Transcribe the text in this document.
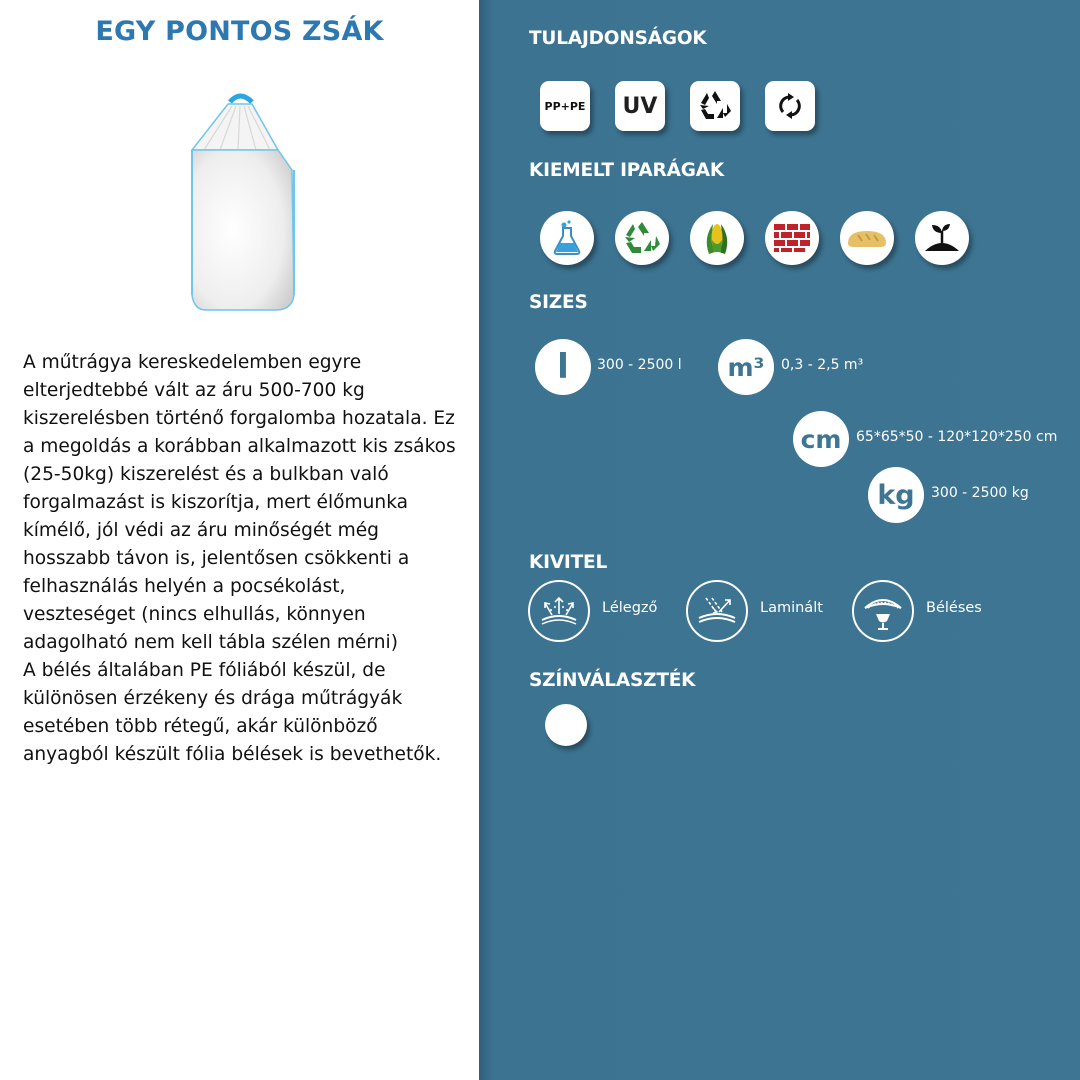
EGY PONTOS ZSÁK

A műtrágya kereskedelemben egyre elterjedtebbé vált az áru 500-700 kg kiszerelésben történő forgalomba hozatala. Ez a megoldás a korábban alkalmazott kis zsákos (25-50kg) kiszerelést és a bulkban való forgalmazást is kiszorítja, mert élőmunka kímélő, jól védi az áru minőségét még hosszabb távon is, jelentősen csökkenti a felhasználás helyén a pocsékolást, veszteséget (nincs elhullás, könnyen adagolható nem kell tábla szélen mérni)

A bélés általában PE fóliából készül, de különösen érzékeny és drága műtrágyák esetében több rétegű, akár különböző anyagból készült fólia bélések is bevethetők.

TULAJDONSÁGOK
PP+PE UV
KIEMELT IPARÁGAK
SIZES
l	300 - 2500 l	m³	0,3 - 2,5 m³
cm	65*65*50 - 120*120*250 cm
kg	300 - 2500 kg
KIVITEL
Lélegző	Laminált	Béléses
SZÍNVÁLASZTÉK
